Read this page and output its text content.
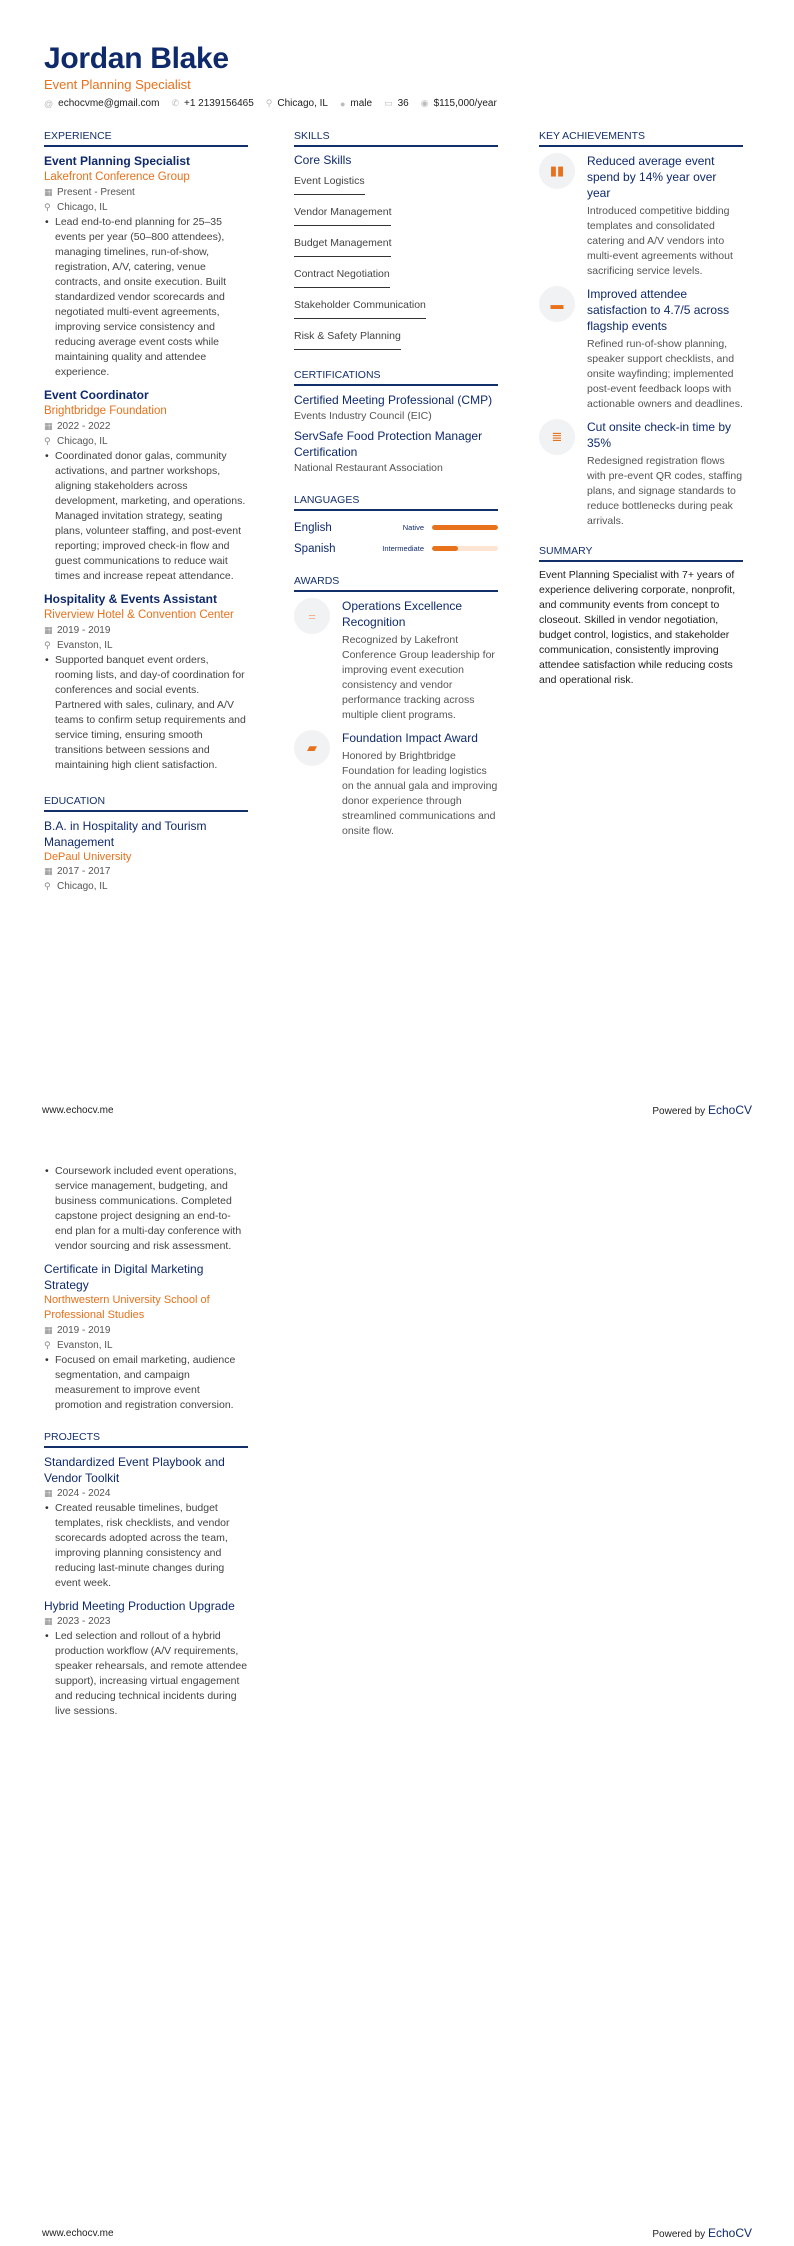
Jordan Blake
Event Planning Specialist
@ echocvme@gmail.com ✆ +1 2139156465 ⚲ Chicago, IL ● male ▭ 36 ◉ $115,000/year
EXPERIENCE
Event Planning Specialist
Lakefront Conference Group
▦ Present - Present
⚲ Chicago, IL
• Lead end-to-end planning for 25–35 events per year (50–800 attendees), managing timelines, run-of-show, registration, A/V, catering, venue contracts, and onsite execution. Built standardized vendor scorecards and negotiated multi-event agreements, improving service consistency and reducing average event costs while maintaining quality and attendee experience.
Event Coordinator
Brightbridge Foundation
▦ 2022 - 2022
⚲ Chicago, IL
• Coordinated donor galas, community activations, and partner workshops, aligning stakeholders across development, marketing, and operations. Managed invitation strategy, seating plans, volunteer staffing, and post-event reporting; improved check-in flow and guest communications to reduce wait times and increase repeat attendance.
Hospitality & Events Assistant
Riverview Hotel & Convention Center
▦ 2019 - 2019
⚲ Evanston, IL
• Supported banquet event orders, rooming lists, and day-of coordination for conferences and social events. Partnered with sales, culinary, and A/V teams to confirm setup requirements and service timing, ensuring smooth transitions between sessions and maintaining high client satisfaction.
EDUCATION
B.A. in Hospitality and Tourism Management
DePaul University
▦ 2017 - 2017
⚲ Chicago, IL
SKILLS
Core Skills
Event Logistics
Vendor Management
Budget Management
Contract Negotiation
Stakeholder Communication
Risk & Safety Planning
CERTIFICATIONS
Certified Meeting Professional (CMP)
Events Industry Council (EIC)
ServSafe Food Protection Manager Certification
National Restaurant Association
LANGUAGES
English	Native
Spanish	Intermediate
AWARDS
=
Operations Excellence Recognition
Recognized by Lakefront Conference Group leadership for improving event execution consistency and vendor performance tracking across multiple client programs.
▰
Foundation Impact Award
Honored by Brightbridge Foundation for leading logistics on the annual gala and improving donor experience through streamlined communications and onsite flow.
KEY ACHIEVEMENTS
▮▮
Reduced average event spend by 14% year over year
Introduced competitive bidding templates and consolidated catering and A/V vendors into multi-event agreements without sacrificing service levels.
▬
Improved attendee satisfaction to 4.7/5 across flagship events
Refined run-of-show planning, speaker support checklists, and onsite wayfinding; implemented post-event feedback loops with actionable owners and deadlines.
≣
Cut onsite check-in time by 35%
Redesigned registration flows with pre-event QR codes, staffing plans, and signage standards to reduce bottlenecks during peak arrivals.
SUMMARY
Event Planning Specialist with 7+ years of experience delivering corporate, nonprofit, and community events from concept to closeout. Skilled in vendor negotiation, budget control, logistics, and stakeholder communication, consistently improving attendee satisfaction while reducing costs and operational risk.
www.echocv.me	Powered by EchoCV
• Coursework included event operations, service management, budgeting, and business communications. Completed capstone project designing an end-to-end plan for a multi-day conference with vendor sourcing and risk assessment.
Certificate in Digital Marketing Strategy
Northwestern University School of Professional Studies
▦ 2019 - 2019
⚲ Evanston, IL
• Focused on email marketing, audience segmentation, and campaign measurement to improve event promotion and registration conversion.
PROJECTS
Standardized Event Playbook and Vendor Toolkit
▦ 2024 - 2024
• Created reusable timelines, budget templates, risk checklists, and vendor scorecards adopted across the team, improving planning consistency and reducing last-minute changes during event week.
Hybrid Meeting Production Upgrade
▦ 2023 - 2023
• Led selection and rollout of a hybrid production workflow (A/V requirements, speaker rehearsals, and remote attendee support), increasing virtual engagement and reducing technical incidents during live sessions.
www.echocv.me	Powered by EchoCV
